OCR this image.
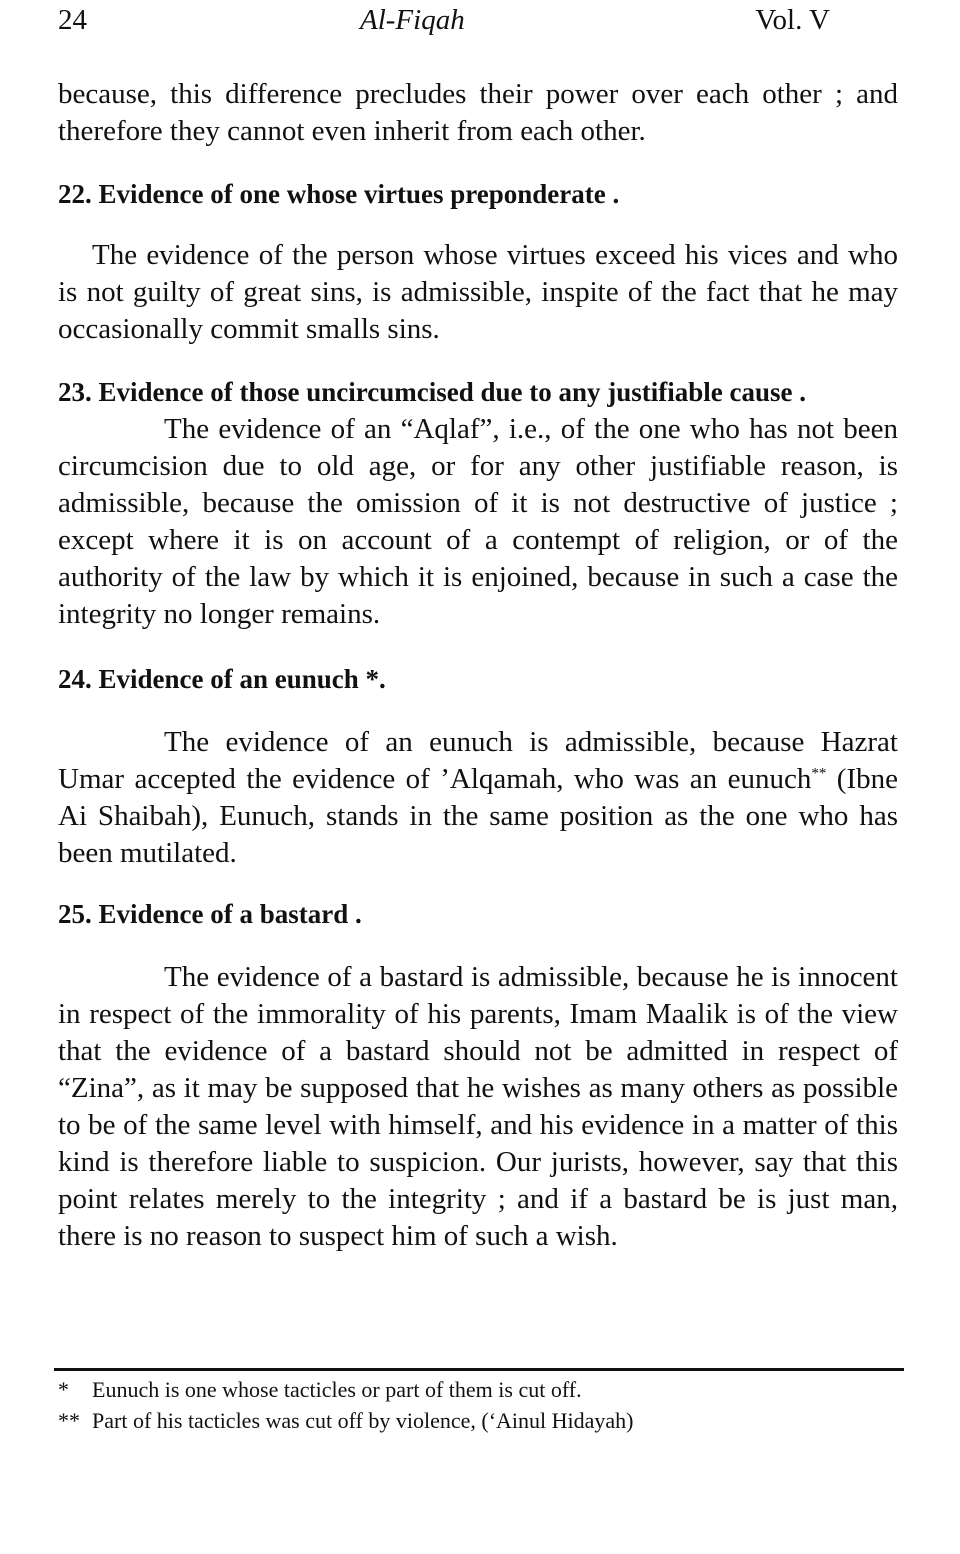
24	Al-Fiqah	Vol. V

because, this difference precludes their power over each other ; and therefore they cannot even inherit from each other.

22. Evidence of one whose virtues preponderate .

The evidence of the person whose virtues exceed his vices and who is not guilty of great sins, is admissible, inspite of the fact that he may occasionally commit smalls sins.

23. Evidence of those uncircumcised due to any justifiable cause .

The evidence of an “Aqlaf”, i.e., of the one who has not been circumcision due to old age, or for any other justifiable reason, is admissible, because the omission of it is not destructive of justice ; except where it is on account of a contempt of religion, or of the authority of the law by which it is enjoined, because in such a case the integrity no longer remains.

24. Evidence of an eunuch *.

The evidence of an eunuch is admissible, because Hazrat Umar accepted the evidence of ’Alqamah, who was an eunuch** (Ibne Ai Shaibah), Eunuch, stands in the same position as the one who has been mutilated.

25. Evidence of a bastard .

The evidence of a bastard is admissible, because he is innocent in respect of the immorality of his parents, Imam Maalik is of the view that the evidence of a bastard should not be admitted in respect of “Zina”, as it may be supposed that he wishes as many others as possible to be of the same level with himself, and his evidence in a matter of this kind is therefore liable to suspicion. Our jurists, however, say that this point relates merely to the integrity ; and if a bastard be is just man, there is no reason to suspect him of such a wish.

* Eunuch is one whose tacticles or part of them is cut off.

** Part of his tacticles was cut off by violence, (‘Ainul Hidayah)
